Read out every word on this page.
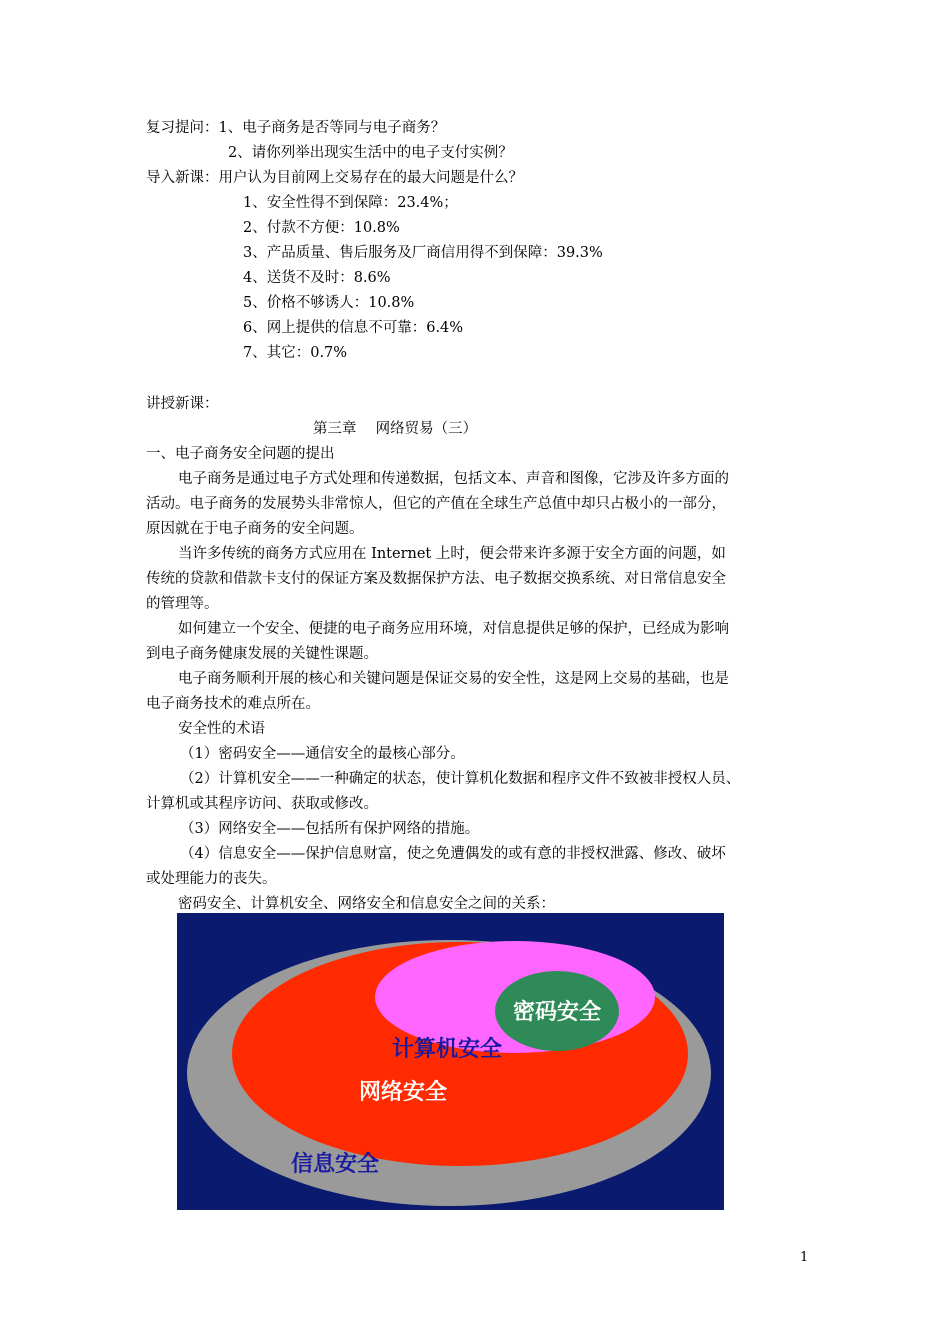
复习提问：1、电子商务是否等同与电子商务？
2、请你列举出现实生活中的电子支付实例？
导入新课：用户认为目前网上交易存在的最大问题是什么？
1、安全性得不到保障：23.4%；
2、付款不方便：10.8%
3、产品质量、售后服务及厂商信用得不到保障：39.3%
4、送货不及时：8.6%
5、价格不够诱人：10.8%
6、网上提供的信息不可靠：6.4%
7、其它：0.7%
讲授新课：
第三章　 网络贸易（三）
一、电子商务安全问题的提出
电子商务是通过电子方式处理和传递数据，包括文本、声音和图像，它涉及许多方面的
活动。电子商务的发展势头非常惊人，但它的产值在全球生产总值中却只占极小的一部分，
原因就在于电子商务的安全问题。
当许多传统的商务方式应用在 Internet 上时，便会带来许多源于安全方面的问题，如
传统的贷款和借款卡支付的保证方案及数据保护方法、电子数据交换系统、对日常信息安全
的管理等。
如何建立一个安全、便捷的电子商务应用环境，对信息提供足够的保护，已经成为影响
到电子商务健康发展的关键性课题。
电子商务顺利开展的核心和关键问题是保证交易的安全性，这是网上交易的基础，也是
电子商务技术的难点所在。
安全性的术语
（1）密码安全——通信安全的最核心部分。
（2）计算机安全——一种确定的状态，使计算机化数据和程序文件不致被非授权人员、
计算机或其程序访问、获取或修改。
（3）网络安全——包括所有保护网络的措施。
（4）信息安全——保护信息财富，使之免遭偶发的或有意的非授权泄露、修改、破坏
或处理能力的丧失。
密码安全、计算机安全、网络安全和信息安全之间的关系：
密码安全
计算机安全
网络安全
信息安全
1
